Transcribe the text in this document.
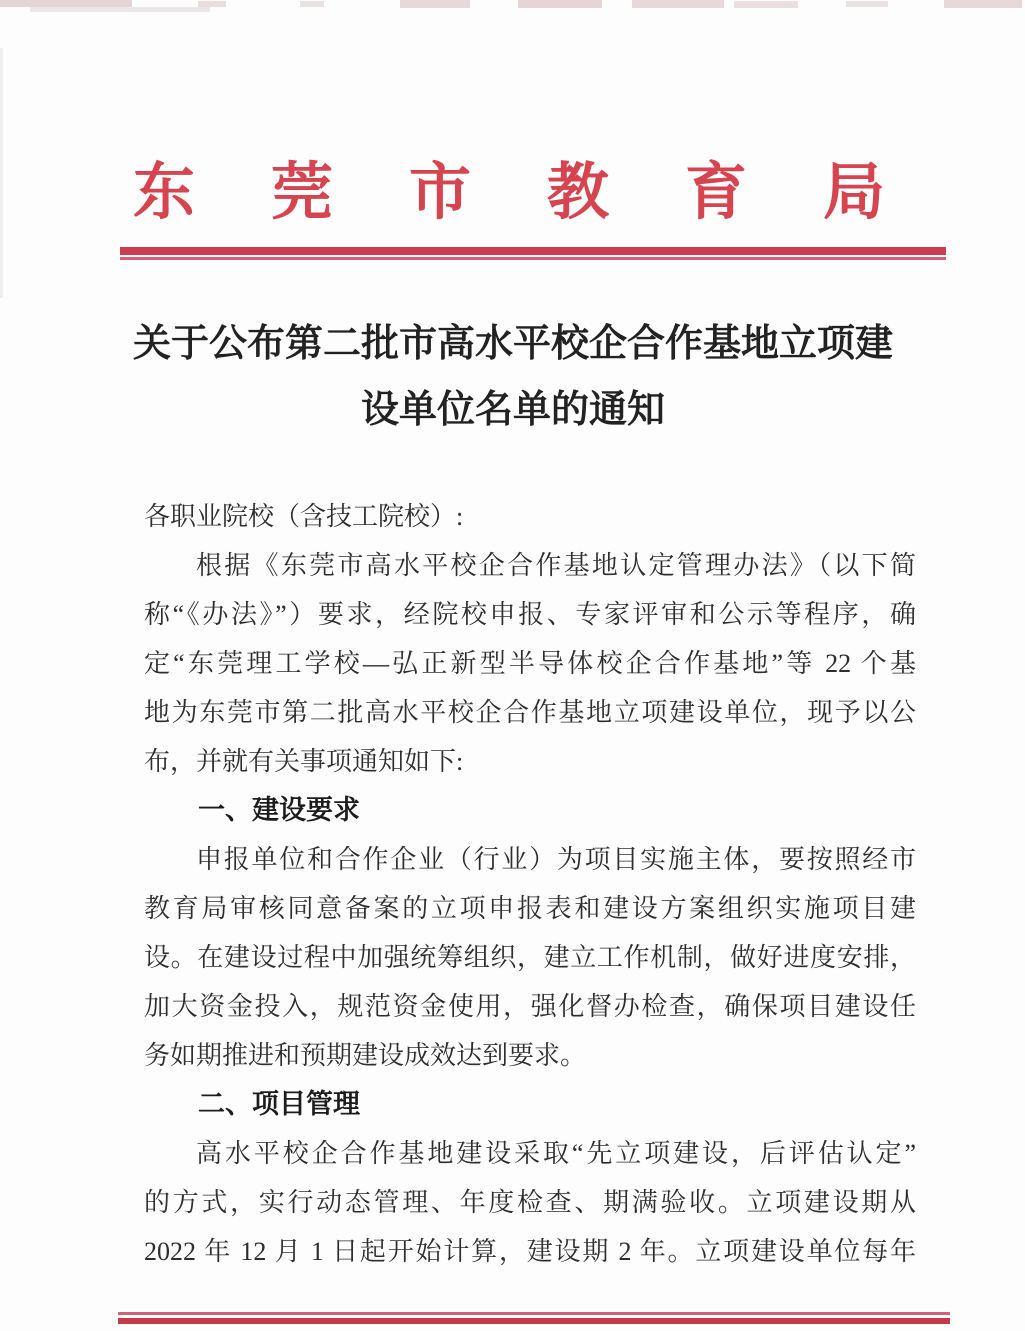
东　莞　市　教　育　局
关于公布第二批市高水平校企合作基地立项建
设单位名单的通知
各职业院校（含技工院校）:
根据《东莞市高水平校企合作基地认定管理办法》（以下简
称“《办法》”）要求，经院校申报、专家评审和公示等程序，确
定“东莞理工学校—弘正新型半导体校企合作基地”等 22 个基
地为东莞市第二批高水平校企合作基地立项建设单位，现予以公
布，并就有关事项通知如下:
一、建设要求
申报单位和合作企业（行业）为项目实施主体，要按照经市
教育局审核同意备案的立项申报表和建设方案组织实施项目建
设。在建设过程中加强统筹组织，建立工作机制，做好进度安排，
加大资金投入，规范资金使用，强化督办检查，确保项目建设任
务如期推进和预期建设成效达到要求。
二、项目管理
高水平校企合作基地建设采取“先立项建设，后评估认定”
的方式，实行动态管理、年度检查、期满验收。立项建设期从
2022 年 12 月 1 日起开始计算，建设期 2 年。立项建设单位每年
